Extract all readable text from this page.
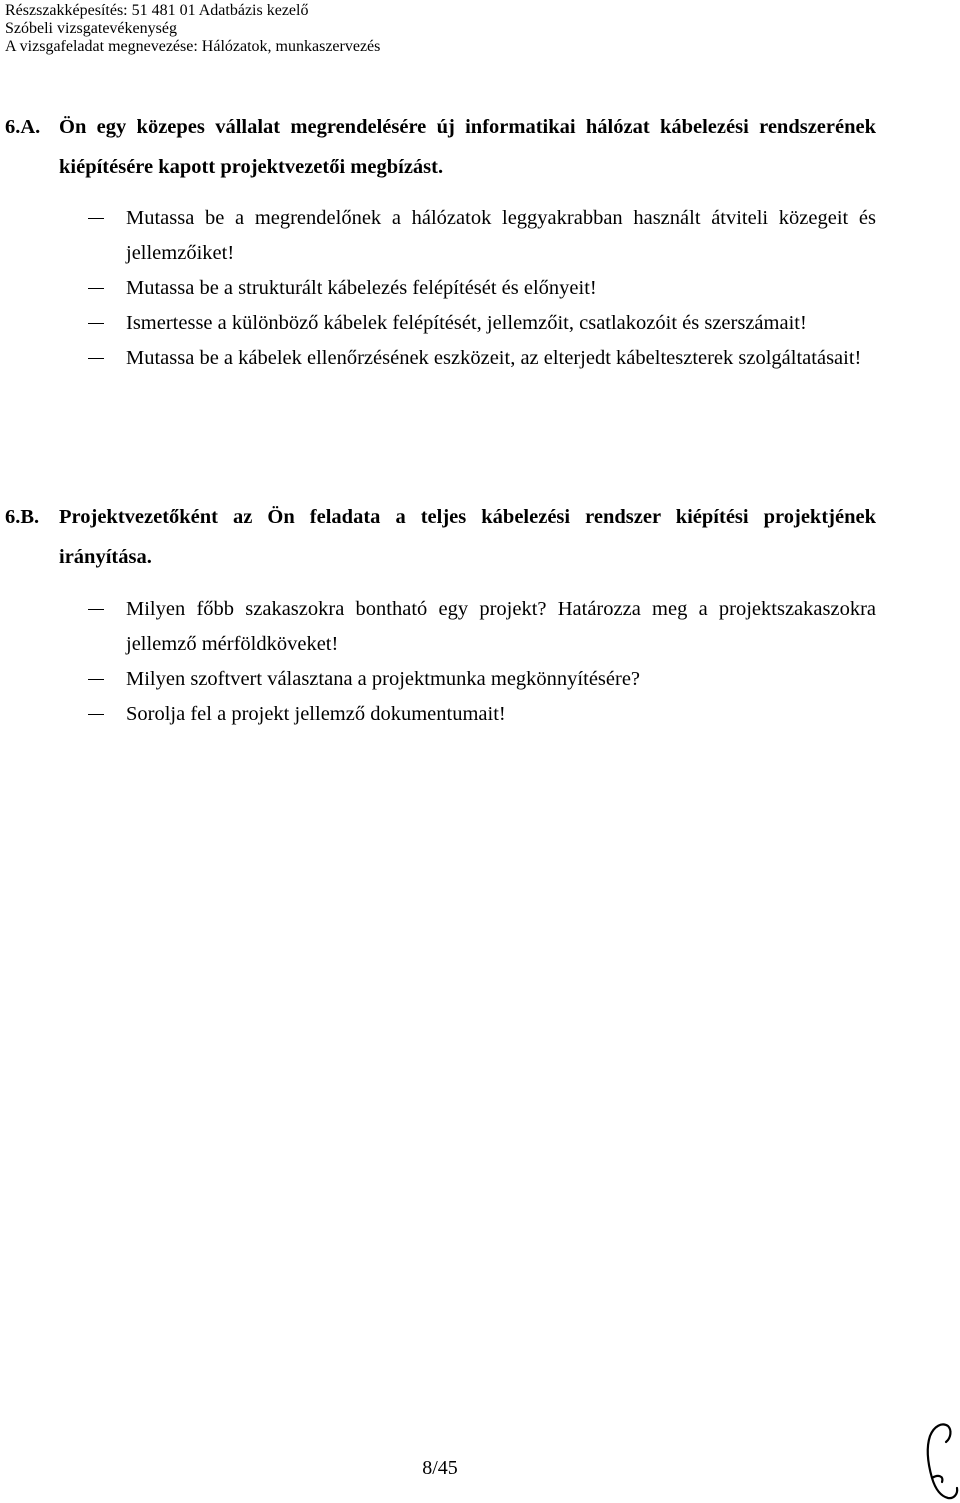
Részszakképesítés: 51 481 01 Adatbázis kezelő
Szóbeli vizsgatevékenység
A vizsgafeladat megnevezése: Hálózatok, munkaszervezés
6.A. Ön egy közepes vállalat megrendelésére új informatikai hálózat kábelezési rendszerének kiépítésére kapott projektvezetői megbízást.
Mutassa be a megrendelőnek a hálózatok leggyakrabban használt átviteli közegeit és jellemzőiket!
Mutassa be a strukturált kábelezés felépítését és előnyeit!
Ismertesse a különböző kábelek felépítését, jellemzőit, csatlakozóit és szerszámait!
Mutassa be a kábelek ellenőrzésének eszközeit, az elterjedt kábelteszterek szolgáltatásait!
6.B. Projektvezetőként az Ön feladata a teljes kábelezési rendszer kiépítési projektjének irányítása.
Milyen főbb szakaszokra bontható egy projekt? Határozza meg a projektszakaszokra jellemző mérföldköveket!
Milyen szoftvert választana a projektmunka megkönnyítésére?
Sorolja fel a projekt jellemző dokumentumait!
8/45
